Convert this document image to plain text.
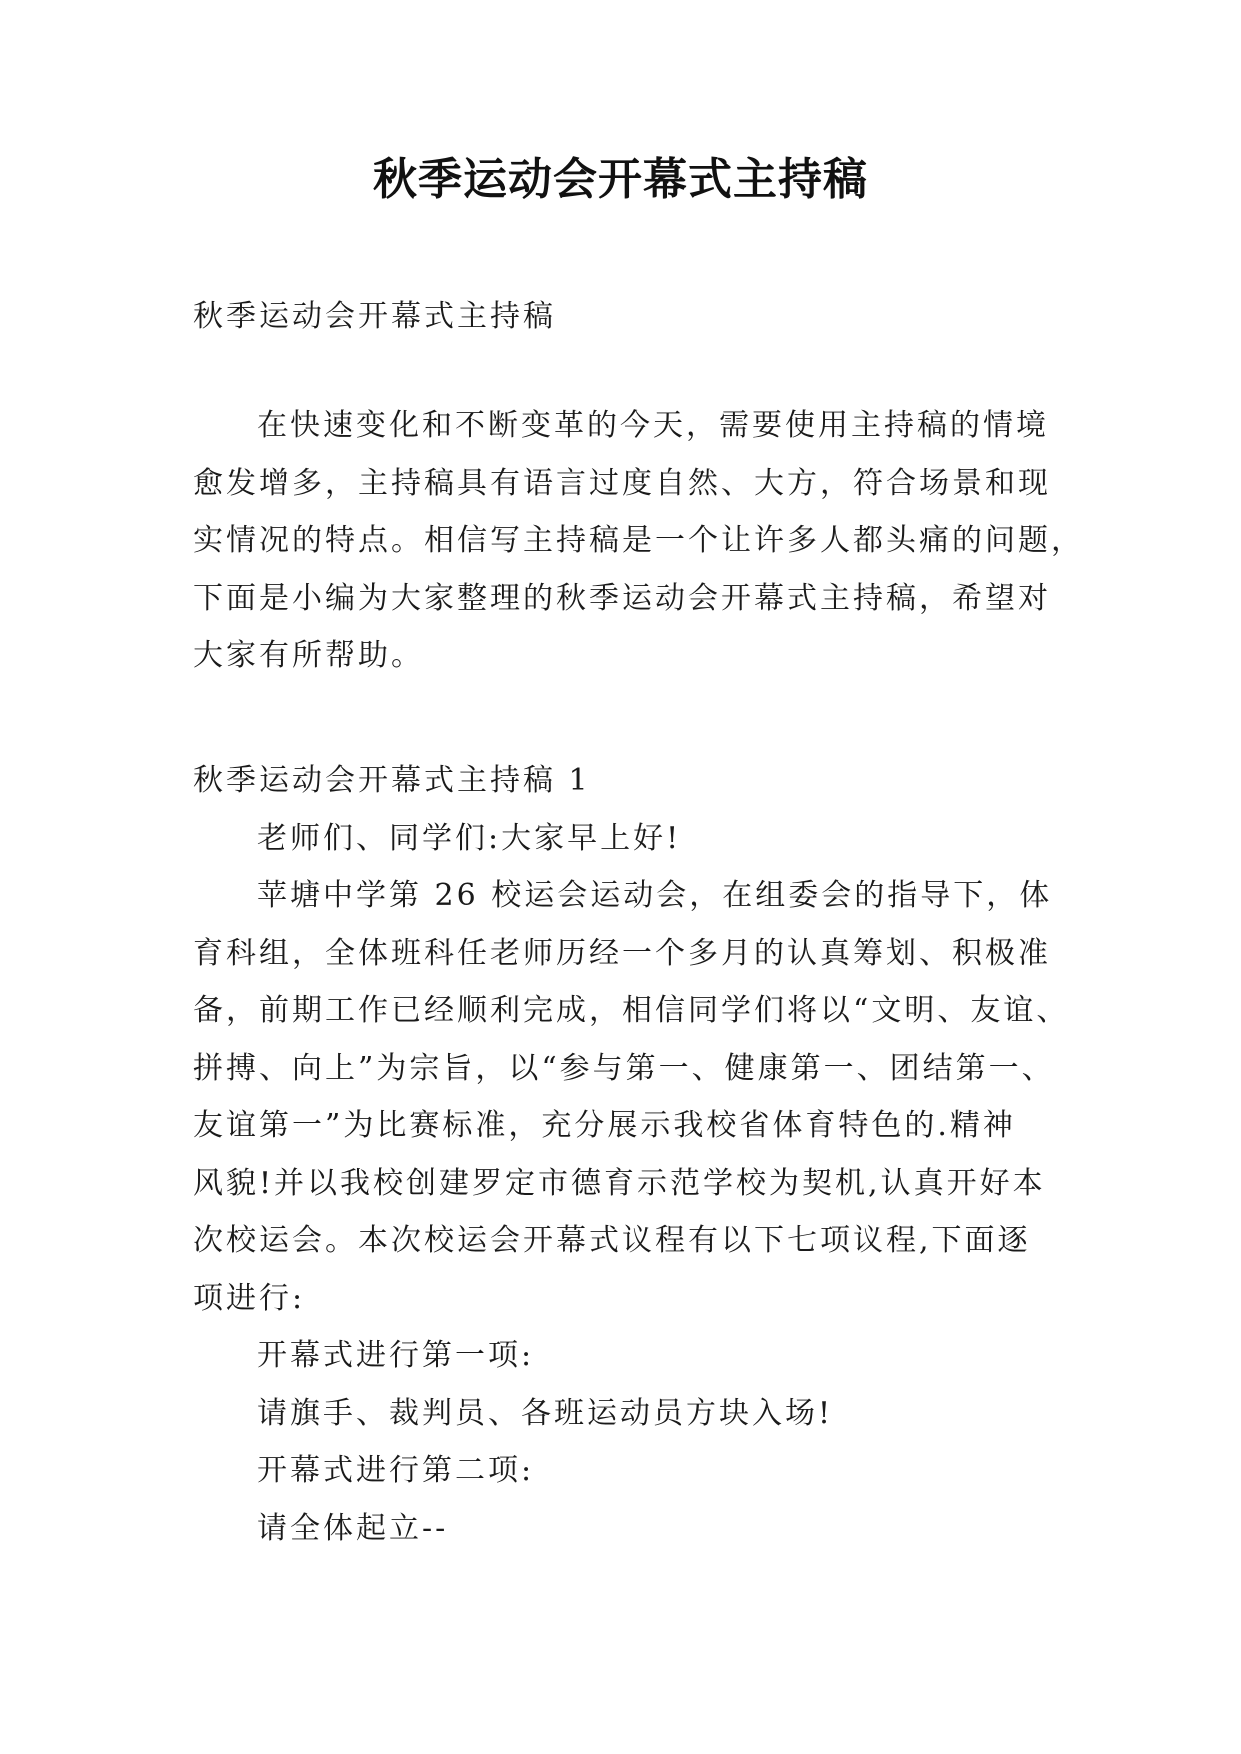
秋季运动会开幕式主持稿
秋季运动会开幕式主持稿
在快速变化和不断变革的今天，需要使用主持稿的情境
愈发增多，主持稿具有语言过度自然、大方，符合场景和现
实情况的特点。相信写主持稿是一个让许多人都头痛的问题，
下面是小编为大家整理的秋季运动会开幕式主持稿，希望对
大家有所帮助。
秋季运动会开幕式主持稿 1
老师们、同学们:大家早上好!
苹塘中学第 26 校运会运动会，在组委会的指导下，体
育科组，全体班科任老师历经一个多月的认真筹划、积极准
备，前期工作已经顺利完成，相信同学们将以“文明、友谊、
拼搏、向上”为宗旨，以“参与第一、健康第一、团结第一、
友谊第一”为比赛标准，充分展示我校省体育特色的.精神
风貌!并以我校创建罗定市德育示范学校为契机,认真开好本
次校运会。本次校运会开幕式议程有以下七项议程,下面逐
项进行:
开幕式进行第一项:
请旗手、裁判员、各班运动员方块入场!
开幕式进行第二项:
请全体起立--
